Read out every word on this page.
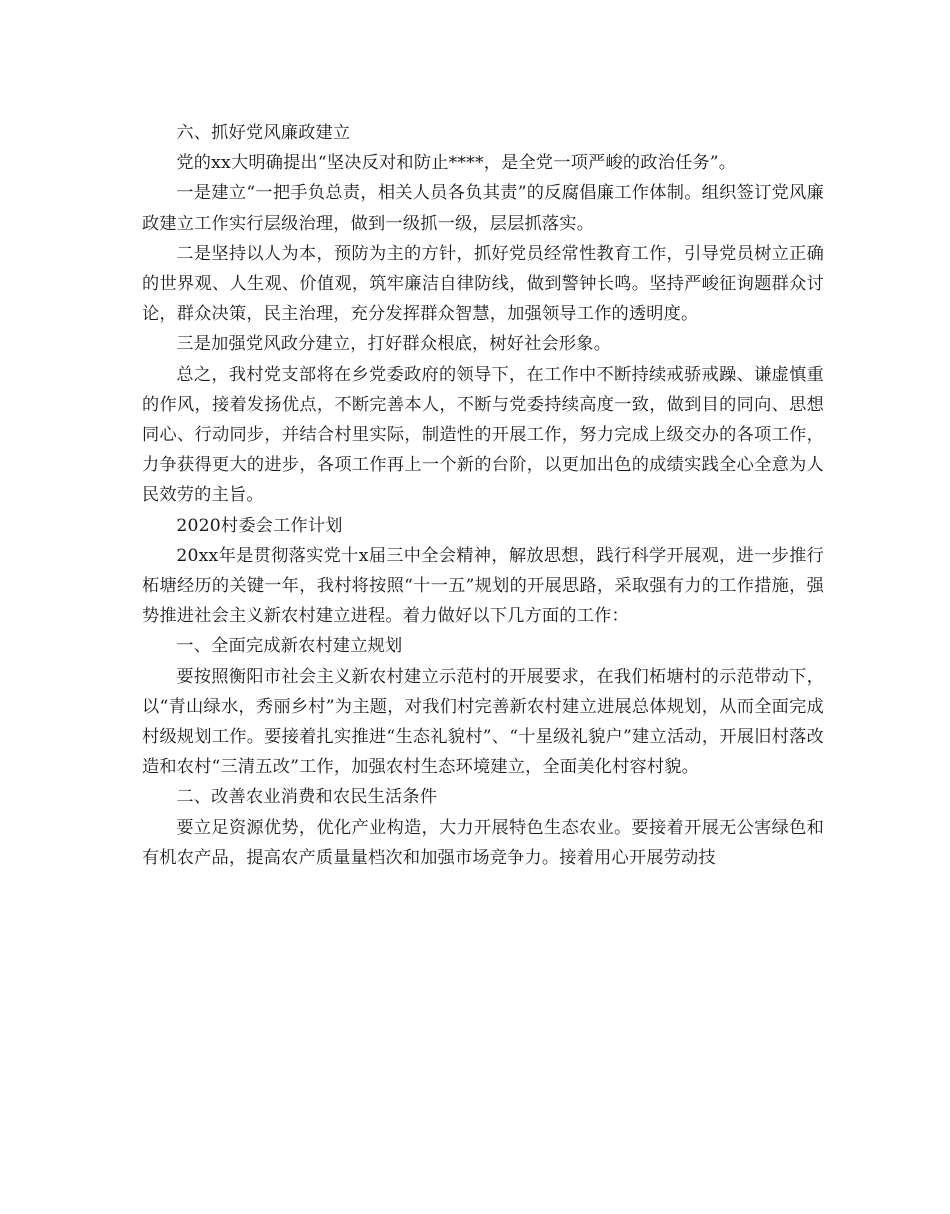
六、抓好党风廉政建立

党的xx大明确提出“坚决反对和防止****，是全党一项严峻的政治任务”。

一是建立“一把手负总责，相关人员各负其责”的反腐倡廉工作体制。组织签订党风廉政建立工作实行层级治理，做到一级抓一级，层层抓落实。

二是坚持以人为本，预防为主的方针，抓好党员经常性教育工作，引导党员树立正确的世界观、人生观、价值观，筑牢廉洁自律防线，做到警钟长鸣。坚持严峻征询题群众讨论，群众决策，民主治理，充分发挥群众智慧，加强领导工作的透明度。

三是加强党风政分建立，打好群众根底，树好社会形象。

总之，我村党支部将在乡党委政府的领导下，在工作中不断持续戒骄戒躁、谦虚慎重的作风，接着发扬优点，不断完善本人，不断与党委持续高度一致，做到目的同向、思想同心、行动同步，并结合村里实际，制造性的开展工作，努力完成上级交办的各项工作，力争获得更大的进步，各项工作再上一个新的台阶，以更加出色的成绩实践全心全意为人民效劳的主旨。

2020村委会工作计划

20xx年是贯彻落实党十x届三中全会精神，解放思想，践行科学开展观，进一步推行柘塘经历的关键一年，我村将按照“十一五”规划的开展思路，采取强有力的工作措施，强势推进社会主义新农村建立进程。着力做好以下几方面的工作：

一、全面完成新农村建立规划

要按照衡阳市社会主义新农村建立示范村的开展要求，在我们柘塘村的示范带动下，以“青山绿水，秀丽乡村”为主题，对我们村完善新农村建立进展总体规划，从而全面完成村级规划工作。要接着扎实推进“生态礼貌村”、“十星级礼貌户”建立活动，开展旧村落改造和农村“三清五改”工作，加强农村生态环境建立，全面美化村容村貌。

二、改善农业消费和农民生活条件

要立足资源优势，优化产业构造，大力开展特色生态农业。要接着开展无公害绿色和有机农产品，提高农产质量量档次和加强市场竞争力。接着用心开展劳动技
